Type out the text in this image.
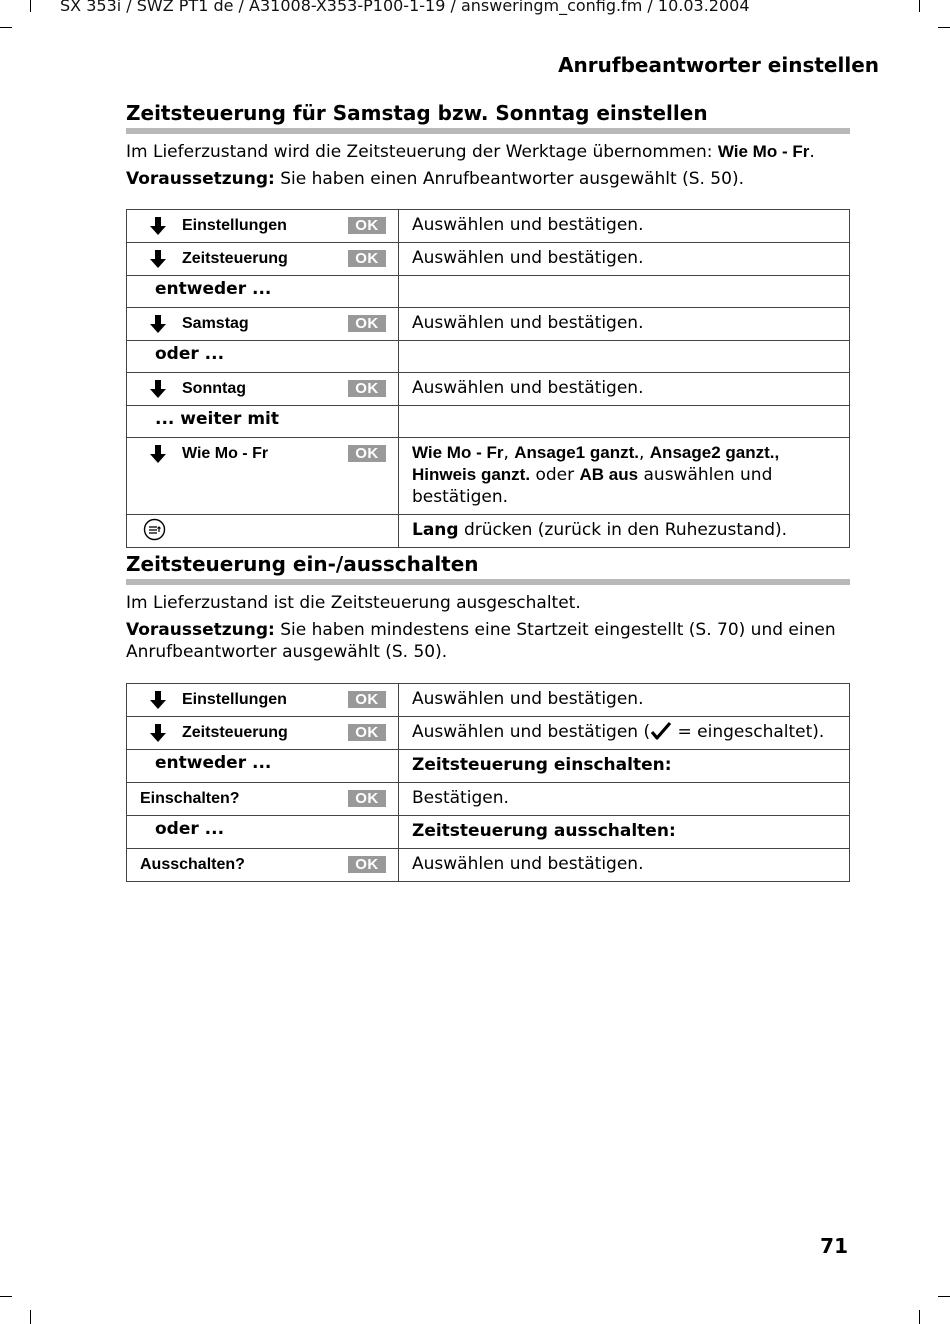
SX 353i / SWZ PT1 de / A31008-X353-P100-1-19 / answeringm_config.fm / 10.03.2004
Anrufbeantworter einstellen
Zeitsteuerung für Samstag bzw. Sonntag einstellen
Im Lieferzustand wird die Zeitsteuerung der Werktage übernommen: Wie Mo - Fr.
Voraussetzung: Sie haben einen Anrufbeantworter ausgewählt (S. 50).
Einstellungen OK	Auswählen und bestätigen.

Zeitsteuerung OK	Auswählen und bestätigen.

entweder ...	

Samstag OK	Auswählen und bestätigen.

oder ...	

Sonntag OK	Auswählen und bestätigen.

... weiter mit	

Wie Mo - Fr OK	Wie Mo - Fr, Ansage1 ganzt., Ansage2 ganzt.,
Hinweis ganzt. oder AB aus auswählen und bestätigen.

	Lang drücken (zurück in den Ruhezustand).
Zeitsteuerung ein-/ausschalten
Im Lieferzustand ist die Zeitsteuerung ausgeschaltet.
Voraussetzung: Sie haben mindestens eine Startzeit eingestellt (S. 70) und einen Anrufbeantworter ausgewählt (S. 50).
Einstellungen OK	Auswählen und bestätigen.

Zeitsteuerung OK	Auswählen und bestätigen ( = eingeschaltet).

entweder ...	Zeitsteuerung einschalten:

Einschalten? OK	Bestätigen.

oder ...	Zeitsteuerung ausschalten:

Ausschalten? OK	Auswählen und bestätigen.
71
